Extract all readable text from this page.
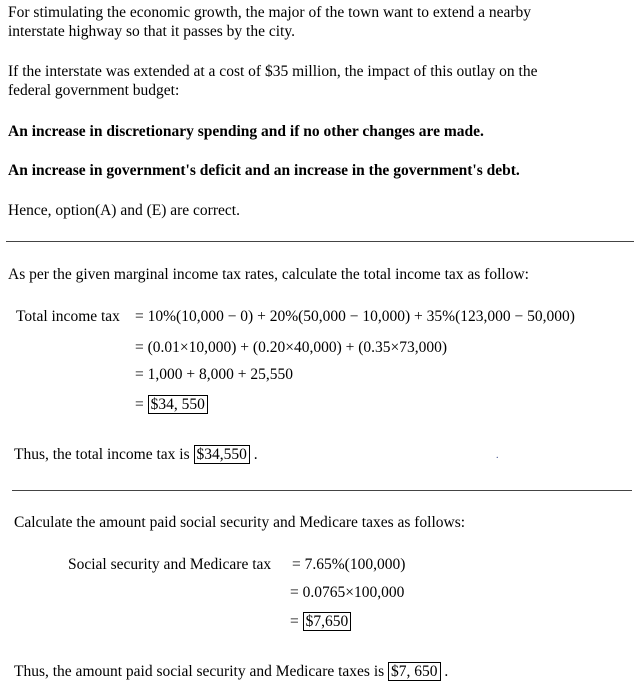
For stimulating the economic growth, the major of the town want to extend a nearby
interstate highway so that it passes by the city.
If the interstate was extended at a cost of $35 million, the impact of this outlay on the
federal government budget:
An increase in discretionary spending and if no other changes are made.
An increase in government's deficit and an increase in the government's debt.
Hence, option(A) and (E) are correct.
As per the given marginal income tax rates, calculate the total income tax as follow:
Total income tax = 10%(10,000 − 0) + 20%(50,000 − 10,000) + 35%(123,000 − 50,000)
= (0.01×10,000) + (0.20×40,000) + (0.35×73,000)
= 1,000 + 8,000 + 25,550
= $34, 550
Thus, the total income tax is $34,550 .	.
Calculate the amount paid social security and Medicare taxes as follows:
Social security and Medicare tax = 7.65%(100,000)
= 0.0765×100,000
= $7,650
Thus, the amount paid social security and Medicare taxes is $7, 650 .
